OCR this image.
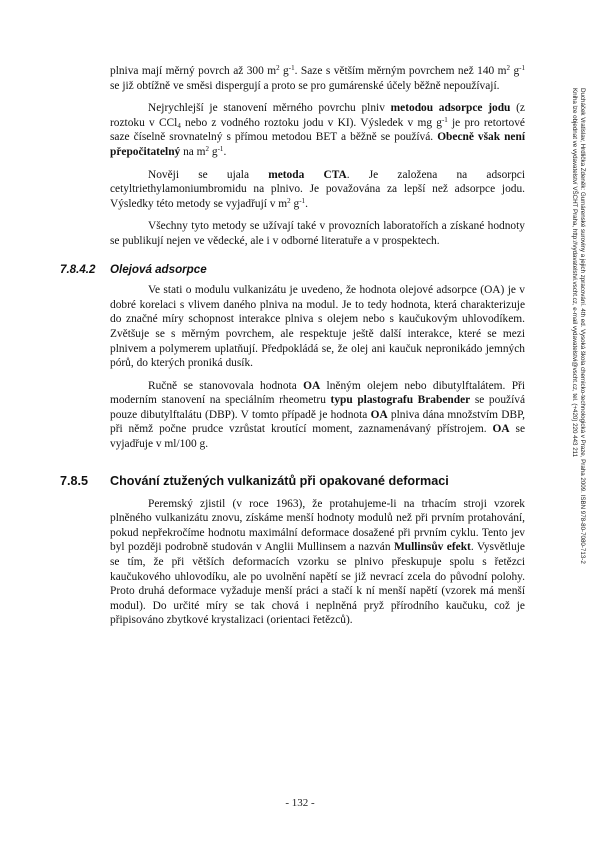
plniva mají měrný povrch až 300 $m^2$ $g^{-1}$. Saze s větším měrným povrchem než 140 $m^2$ $g^{-1}$ se již obtížně ve směsi dispergují a proto se pro gumárenské účely běžně nepoužívají.

Nejrychlejší je stanovení měrného povrchu plniv metodou adsorpce jodu (z roztoku v CCl$_4$ nebo z vodného roztoku jodu v KI). Výsledek v mg $g^{-1}$ je pro retortové saze číselně srovnatelný s přímou metodou BET a běžně se používá. Obecně však není přepočitatelný na $m^2$ $g^{-1}$.

Nověji se ujala metoda CTA. Je založena na adsorpci cetyltriethylamoniumbromidu na plnivo. Je považována za lepší než adsorpce jodu. Výsledky této metody se vyjadřují v $m^2$ $g^{-1}$.

Všechny tyto metody se užívají také v provozních laboratořích a získané hodnoty se publikují nejen ve vědecké, ale i v odborné literatuře a v prospektech.

7.8.4.2 Olejová adsorpce

Ve stati o modulu vulkanizátu je uvedeno, že hodnota olejové adsorpce (OA) je v dobré korelaci s vlivem daného plniva na modul. Je to tedy hodnota, která charakterizuje do značné míry schopnost interakce plniva s olejem nebo s kaučukovým uhlovodíkem. Zvětšuje se s měrným povrchem, ale respektuje ještě další interakce, které se mezi plnivem a polymerem uplatňují. Předpokládá se, že olej ani kaučuk nepronikádo jemných pórů, do kterých proniká dusík.

Ručně se stanovovala hodnota OA lněným olejem nebo dibutylftalátem. Při moderním stanovení na speciálním rheometru typu plastografu Brabender se používá pouze dibutylftalátu (DBP). V tomto případě je hodnota OA plniva dána množstvím DBP, při němž počne prudce vzrůstat kroutící moment, zaznamenávaný přístrojem. OA se vyjadřuje v ml/100 g.

7.8.5 Chování ztužených vulkanizátů při opakované deformaci

Peremský zjistil (v roce 1963), že protahujeme-li na trhacím stroji vzorek plněného vulkanizátu znovu, získáme menší hodnoty modulů než při prvním protahování, pokud nepřekročíme hodnotu maximální deformace dosažené při prvním cyklu. Tento jev byl později podrobně studován v Anglii Mullinsem a nazván Mullinsův efekt. Vysvětluje se tím, že při větších deformacích vzorku se plnivo přeskupuje spolu s řetězci kaučukového uhlovodíku, ale po uvolnění napětí se již nevrací zcela do původní polohy. Proto druhá deformace vyžaduje menší práci a stačí k ní menší napětí (vzorek má menší modul). Do určité míry se tak chová i neplněná pryž přírodního kaučuku, což je připisováno zbytkové krystalizaci (orientaci řetězců).

- 132 -
Ducháček Vratislav, Hrdlička Zdeněk: Gumárenské suroviny a jejich zpracování. 4th ed. Vysoká škola chemicko-technologická v Praze, Praha 2009. ISBN 978-80-7080-713-2
Kniha lze objednat ve vydavatelství VŠCHT Praha, http://vydavatelstvi.vscht.cz, e-mail vydavatelstvi@vscht.cz, tel. (+420) 220 443 211
